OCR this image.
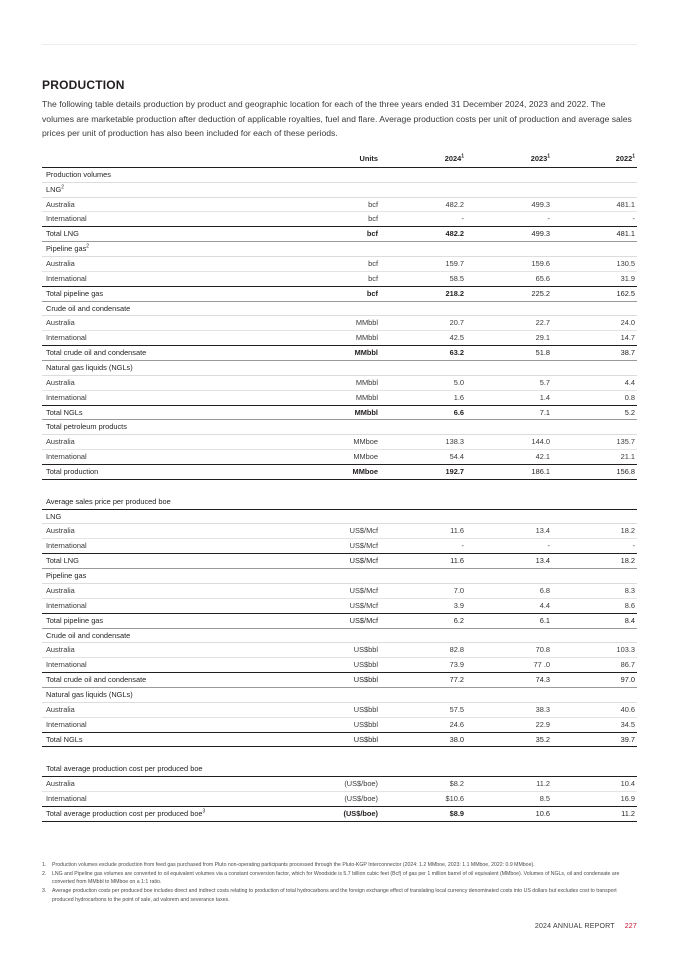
PRODUCTION

The following table details production by product and geographic location for each of the three years ended 31 December 2024, 2023 and 2022. The volumes are marketable production after deduction of applicable royalties, fuel and flare. Average production costs per unit of production and average sales prices per unit of production has also been included for each of these periods.

Units	2024$^1$	2023$^1$	2022$^1$
Production volumes
LNG$^2$
Australia	bcf	482.2	499.3	481.1
International	bcf	-	-	-
Total LNG	bcf	482.2	499.3	481.1
Pipeline gas$^2$
Australia	bcf	159.7	159.6	130.5
International	bcf	58.5	65.6	31.9
Total pipeline gas	bcf	218.2	225.2	162.5
Crude oil and condensate
Australia	MMbbl	20.7	22.7	24.0
International	MMbbl	42.5	29.1	14.7
Total crude oil and condensate	MMbbl	63.2	51.8	38.7
Natural gas liquids (NGLs)
Australia	MMbbl	5.0	5.7	4.4
International	MMbbl	1.6	1.4	0.8
Total NGLs	MMbbl	6.6	7.1	5.2
Total petroleum products
Australia	MMboe	138.3	144.0	135.7
International	MMboe	54.4	42.1	21.1
Total production	MMboe	192.7	186.1	156.8
Average sales price per produced boe
LNG
Australia	US$/Mcf	11.6	13.4	18.2
International	US$/Mcf	-	-	-
Total LNG	US$/Mcf	11.6	13.4	18.2
Pipeline gas
Australia	US$/Mcf	7.0	6.8	8.3
International	US$/Mcf	3.9	4.4	8.6
Total pipeline gas	US$/Mcf	6.2	6.1	8.4
Crude oil and condensate
Australia	US$bbl	82.8	70.8	103.3
International	US$bbl	73.9	77 .0	86.7
Total crude oil and condensate	US$bbl	77.2	74.3	97.0
Natural gas liquids (NGLs)
Australia	US$bbl	57.5	38.3	40.6
International	US$bbl	24.6	22.9	34.5
Total NGLs	US$bbl	38.0	35.2	39.7
Total average production cost per produced boe
Australia	(US$/boe)	$8.2	11.2	10.4
International	(US$/boe)	$10.6	8.5	16.9
Total average production cost per produced boe$^3$	(US$/boe)	$8.9	10.6	11.2
1. Production volumes exclude production from feed gas purchased from Pluto non-operating participants processed through the Pluto-KGP Interconnector (2024: 1.2 MMboe, 2023: 1.1 MMboe, 2022: 0.9 MMboe).
2. LNG and Pipeline gas volumes are converted to oil equivalent volumes via a constant conversion factor, which for Woodside is 5.7 billion cubic feet (Bcf) of gas per 1 million barrel of oil equivalent (MMboe). Volumes of NGLs, oil and condensate are converted from MMbbl to MMboe on a 1:1 ratio.
3. Average production costs per produced boe includes direct and indirect costs relating to production of total hydrocarbons and the foreign exchange effect of translating local currency denominated costs into US dollars but excludes cost to transport produced hydrocarbons to the point of sale, ad valorem and severance taxes.
2024 ANNUAL REPORT 227
